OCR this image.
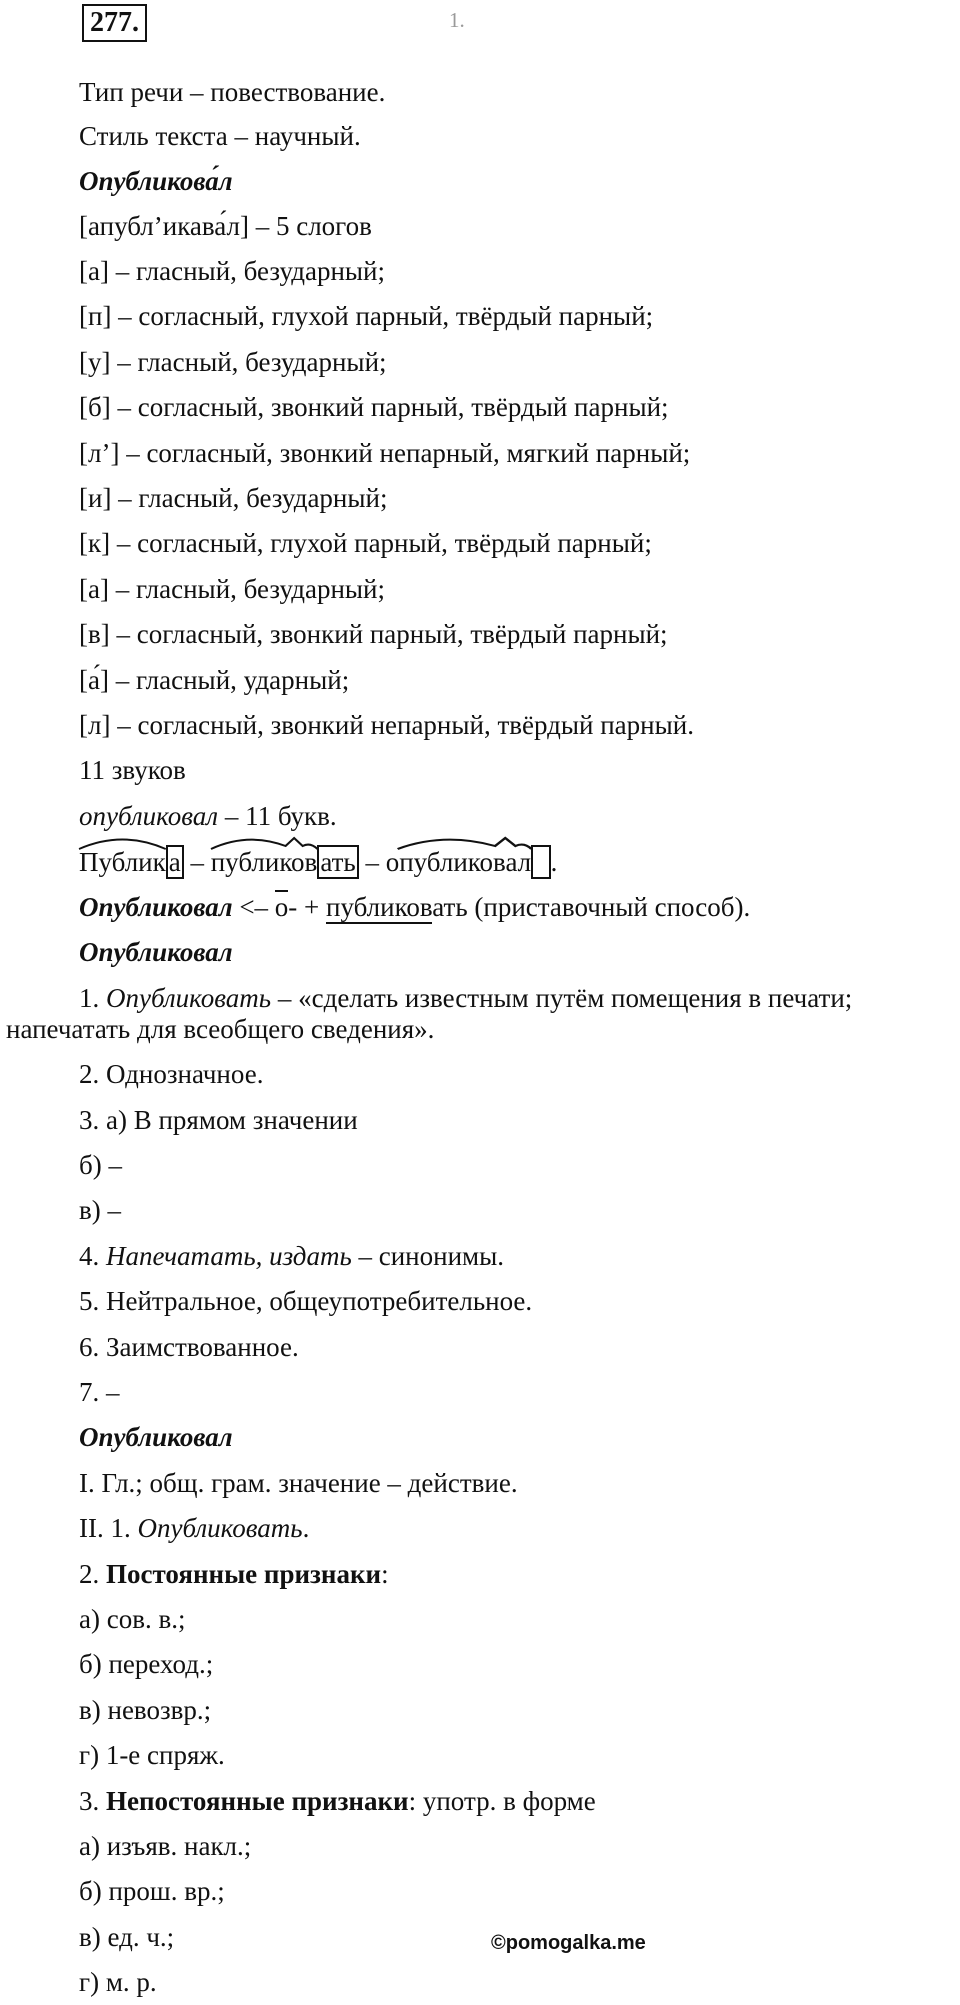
277.	1.
Тип речи – повествование.
Стиль текста – научный.
Опубликова́л
[апубл’икава́л] – 5 слогов
[а] – гласный, безударный;
[п] – согласный, глухой парный, твёрдый парный;
[у] – гласный, безударный;
[б] – согласный, звонкий парный, твёрдый парный;
[л’] – согласный, звонкий непарный, мягкий парный;
[и] – гласный, безударный;
[к] – согласный, глухой парный, твёрдый парный;
[а] – гласный, безударный;
[в] – согласный, звонкий парный, твёрдый парный;
[а́] – гласный, ударный;
[л] – согласный, звонкий непарный, твёрдый парный.
11 звуков
опубликовал – 11 букв.
Публик а –
публиков ать –
опубликовал .
Опубликовал <– о- + публиковать (приставочный способ).
Опубликовал
1. Опубликовать – «сделать известным путём помещения в печати;
напечатать для всеобщего сведения».
2. Однозначное.
3. а) В прямом значении
б) –
в) –
4. Напечатать, издать – синонимы.
5. Нейтральное, общеупотребительное.
6. Заимствованное.
7. –
Опубликовал
I. Гл.; общ. грам. значение – действие.
II. 1. Опубликовать.
2. Постоянные признаки:
а) сов. в.;
б) переход.;
в) невозвр.;
г) 1-е спряж.
3. Непостоянные признаки: употр. в форме
а) изъяв. накл.;
б) прош. вр.;
в) ед. ч.;
г) м. р.
©pomogalka.me
